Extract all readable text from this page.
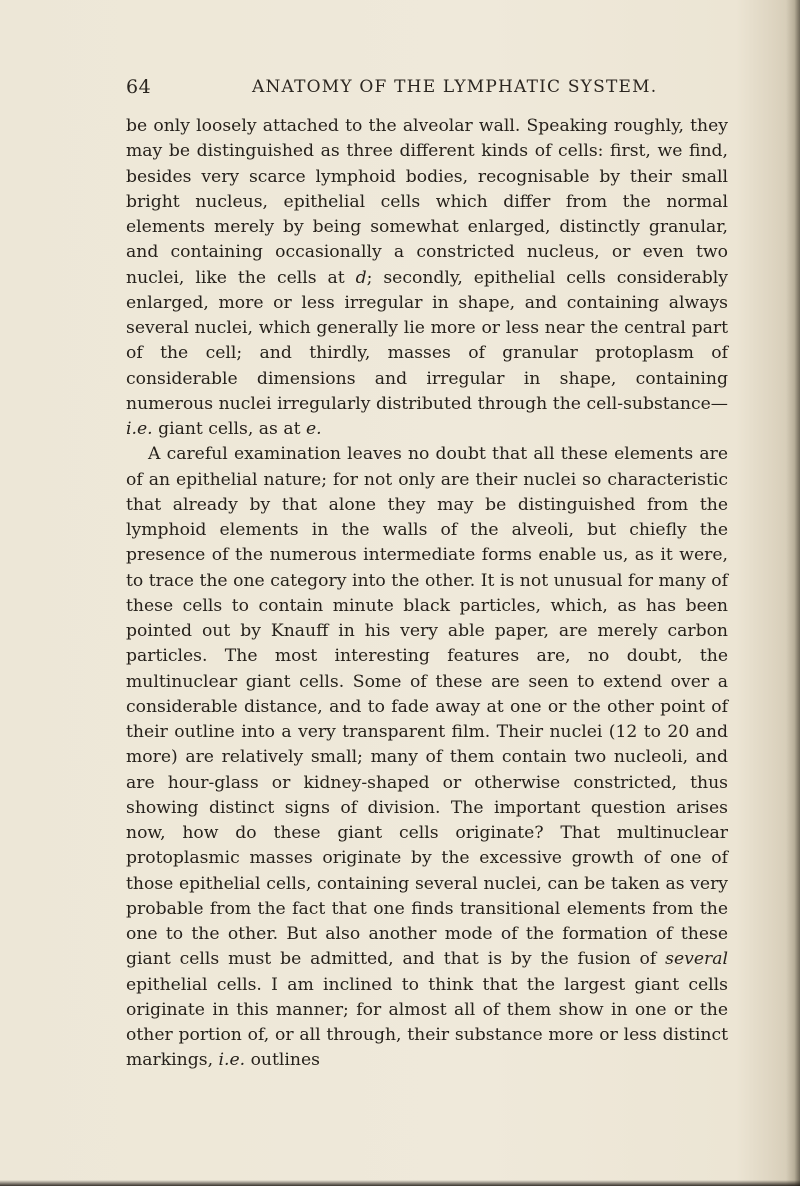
64	ANATOMY OF THE LYMPHATIC SYSTEM.

be only loosely attached to the alveolar wall. Speaking roughly, they may be distinguished as three different kinds of cells: first, we find, besides very scarce lymphoid bodies, recognisable by their small bright nucleus, epithelial cells which differ from the normal elements merely by being somewhat enlarged, distinctly granular, and containing occasionally a constricted nucleus, or even two nuclei, like the cells at d; secondly, epithelial cells considerably enlarged, more or less irregular in shape, and containing always several nuclei, which generally lie more or less near the central part of the cell; and thirdly, masses of granular protoplasm of considerable dimensions and irregular in shape, containing numerous nuclei irregularly distributed through the cell-substance—i.e. giant cells, as at e.

A careful examination leaves no doubt that all these elements are of an epithelial nature; for not only are their nuclei so characteristic that already by that alone they may be distinguished from the lymphoid elements in the walls of the alveoli, but chiefly the presence of the numerous intermediate forms enable us, as it were, to trace the one category into the other. It is not unusual for many of these cells to contain minute black particles, which, as has been pointed out by Knauff in his very able paper, are merely carbon particles. The most interesting features are, no doubt, the multinuclear giant cells. Some of these are seen to extend over a considerable distance, and to fade away at one or the other point of their outline into a very transparent film. Their nuclei (12 to 20 and more) are relatively small; many of them contain two nucleoli, and are hour-glass or kidney-shaped or otherwise constricted, thus showing distinct signs of division. The important question arises now, how do these giant cells originate? That multinuclear protoplasmic masses originate by the excessive growth of one of those epithelial cells, containing several nuclei, can be taken as very probable from the fact that one finds transitional elements from the one to the other. But also another mode of the formation of these giant cells must be admitted, and that is by the fusion of several epithelial cells. I am inclined to think that the largest giant cells originate in this manner; for almost all of them show in one or the other portion of, or all through, their substance more or less distinct markings, i.e. outlines
